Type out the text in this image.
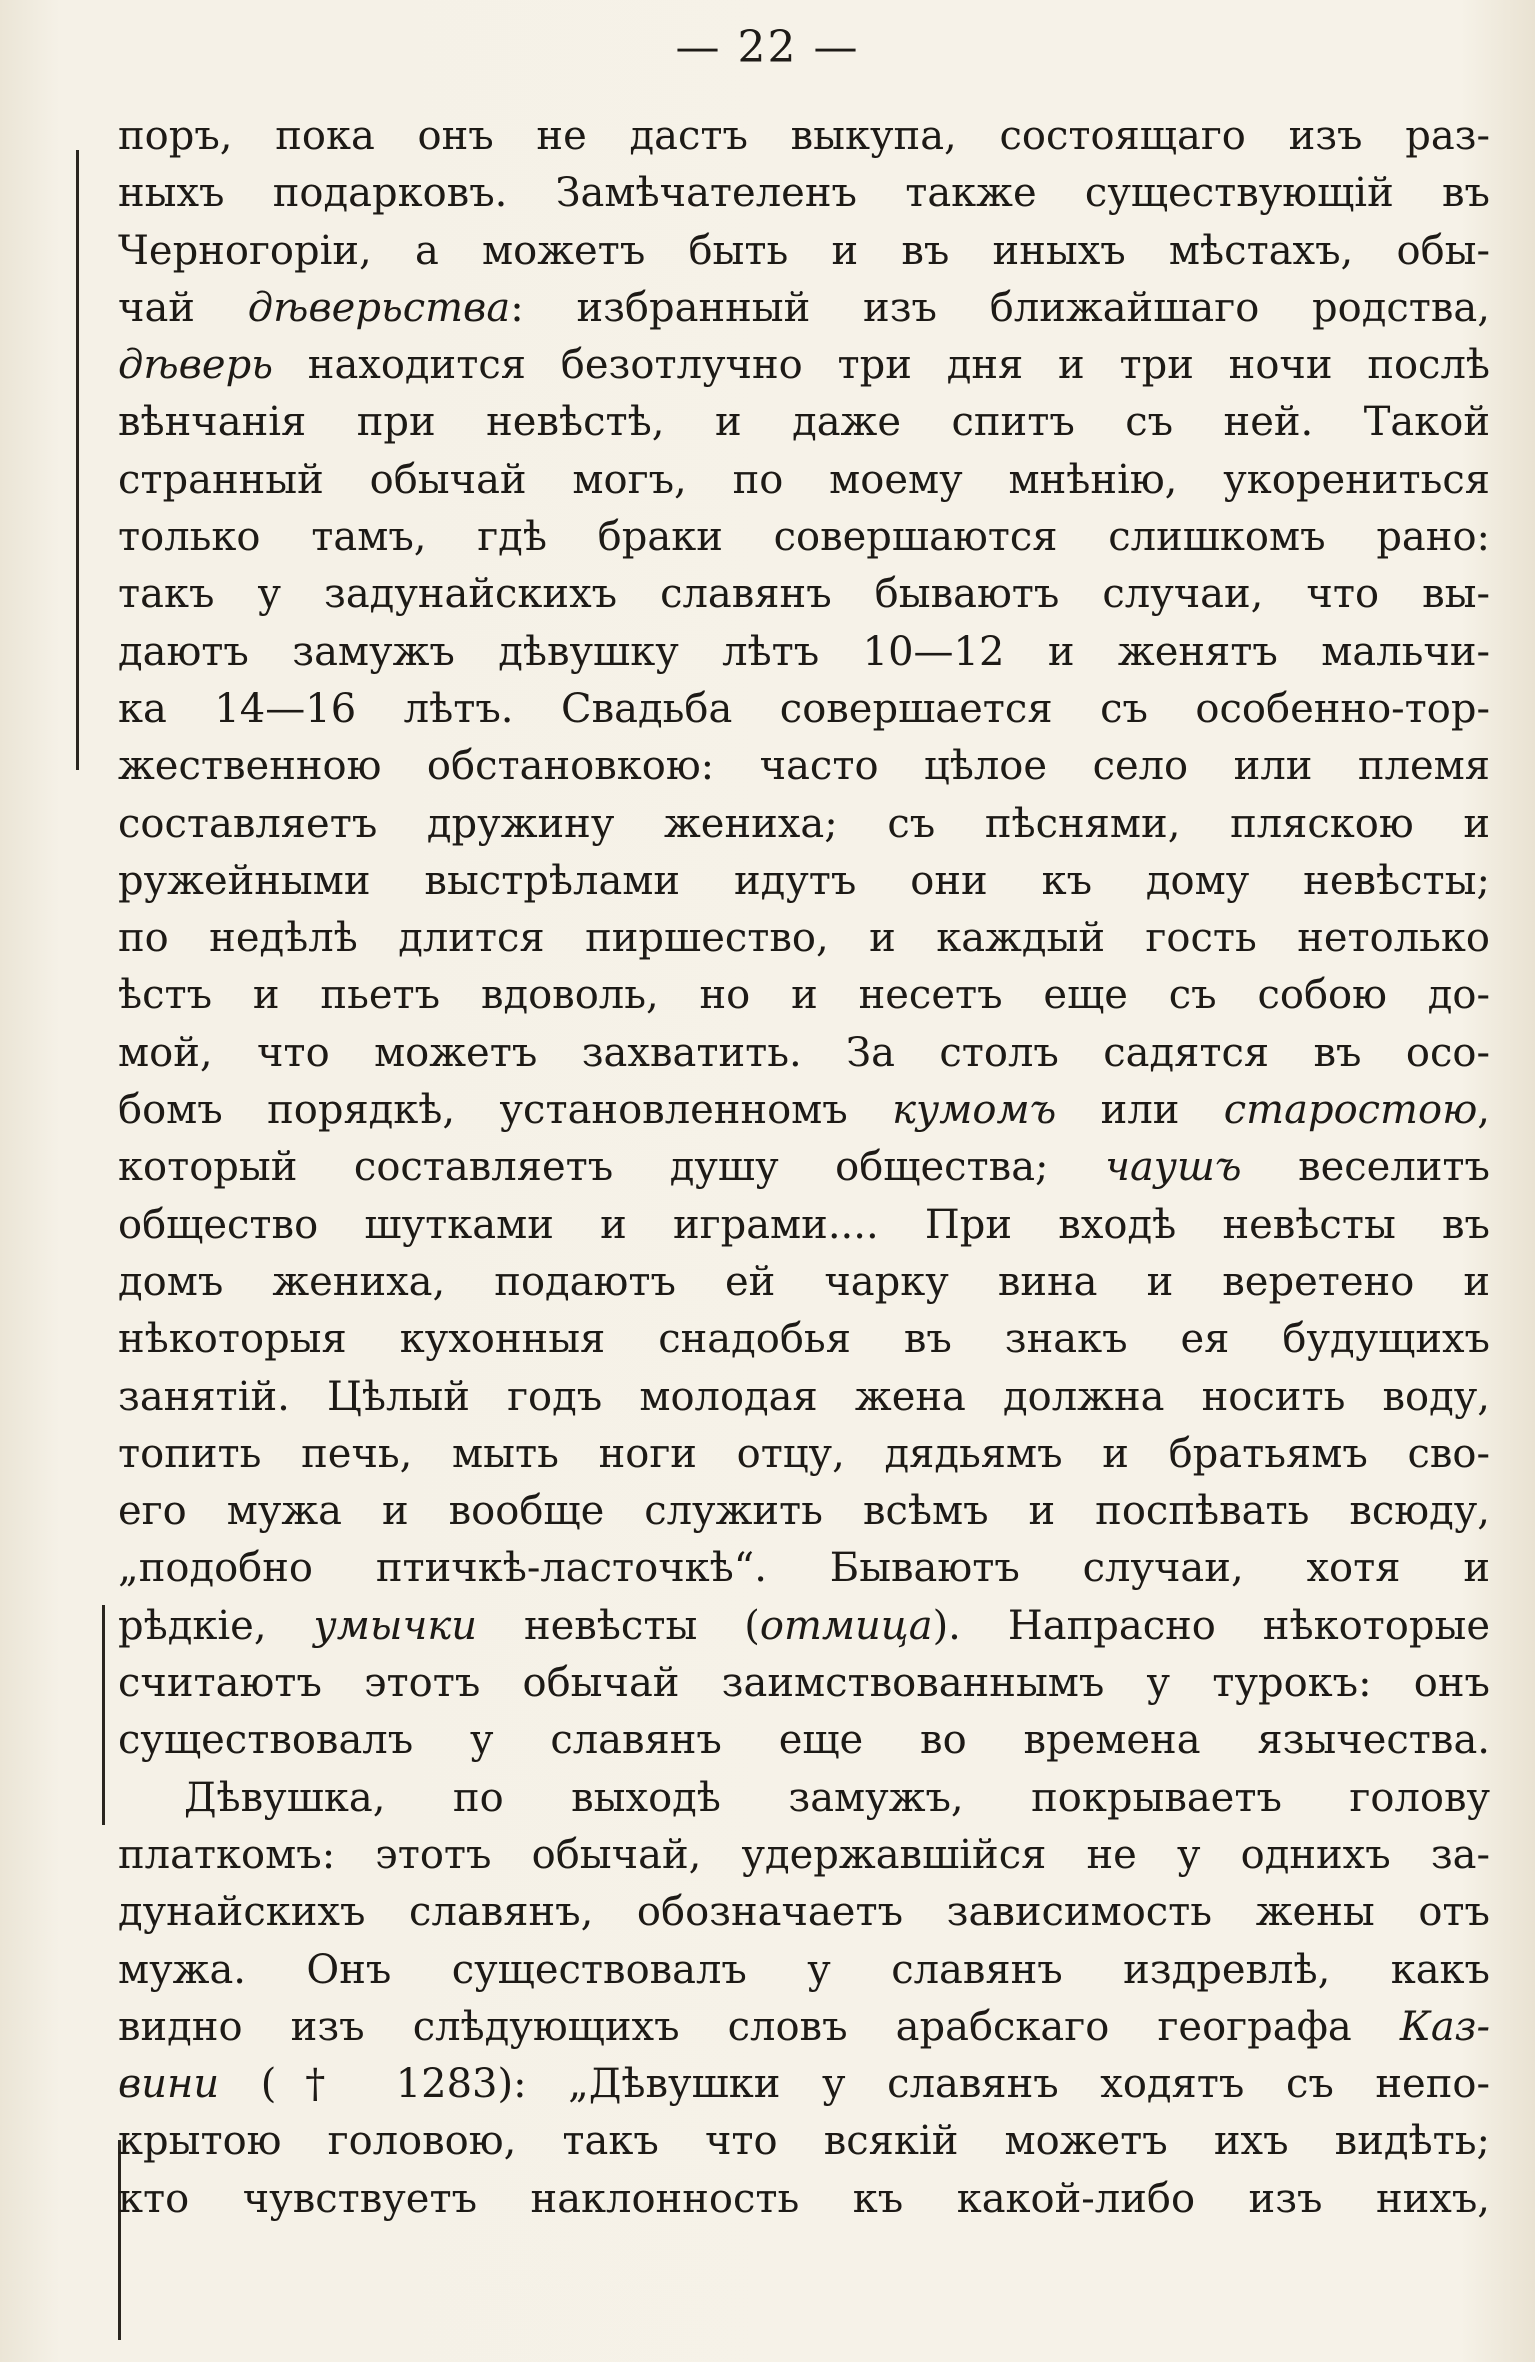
— 22 —
поръ, пока онъ не дастъ выкупа, состоящаго изъ раз-
ныхъ подарковъ. Замѣчателенъ также существующій въ
Черногоріи, а можетъ быть и въ иныхъ мѣстахъ, обы-
чай дѣверьства: избранный изъ ближайшаго родства,
дѣверь находится безотлучно три дня и три ночи послѣ
вѣнчанія при невѣстѣ, и даже спитъ съ ней. Такой
странный обычай могъ, по моему мнѣнію, укорениться
только тамъ, гдѣ браки совершаются слишкомъ рано:
такъ у задунайскихъ славянъ бываютъ случаи, что вы-
даютъ замужъ дѣвушку лѣтъ 10—12 и женятъ мальчи-
ка 14—16 лѣтъ. Свадьба совершается съ особенно-тор-
жественною обстановкою: часто цѣлое село или племя
составляетъ дружину жениха; съ пѣснями, пляскою и
ружейными выстрѣлами идутъ они къ дому невѣсты;
по недѣлѣ длится пиршество, и каждый гость нетолько
ѣстъ и пьетъ вдоволь, но и несетъ еще съ собою до-
мой, что можетъ захватить. За столъ садятся въ осо-
бомъ порядкѣ, установленномъ кумомъ или старостою,
который составляетъ душу общества; чаушъ веселитъ
общество шутками и играми.... При входѣ невѣсты въ
домъ жениха, подаютъ ей чарку вина и веретено и
нѣкоторыя кухонныя снадобья въ знакъ ея будущихъ
занятій. Цѣлый годъ молодая жена должна носить воду,
топить печь, мыть ноги отцу, дядьямъ и братьямъ сво-
его мужа и вообще служить всѣмъ и поспѣвать всюду,
„подобно птичкѣ-ласточкѣ“. Бываютъ случаи, хотя и
рѣдкіе, умычки невѣсты (отмица). Напрасно нѣкоторые
считаютъ этотъ обычай заимствованнымъ у турокъ: онъ
существовалъ у славянъ еще во времена язычества.
Дѣвушка, по выходѣ замужъ, покрываетъ голову
платкомъ: этотъ обычай, удержавшійся не у однихъ за-
дунайскихъ славянъ, обозначаетъ зависимость жены отъ
мужа. Онъ существовалъ у славянъ издревлѣ, какъ
видно изъ слѣдующихъ словъ арабскаго географа Каз-
вини († 1283): „Дѣвушки у славянъ ходятъ съ непо-
крытою головою, такъ что всякій можетъ ихъ видѣть;
кто чувствуетъ наклонность къ какой-либо изъ нихъ,
